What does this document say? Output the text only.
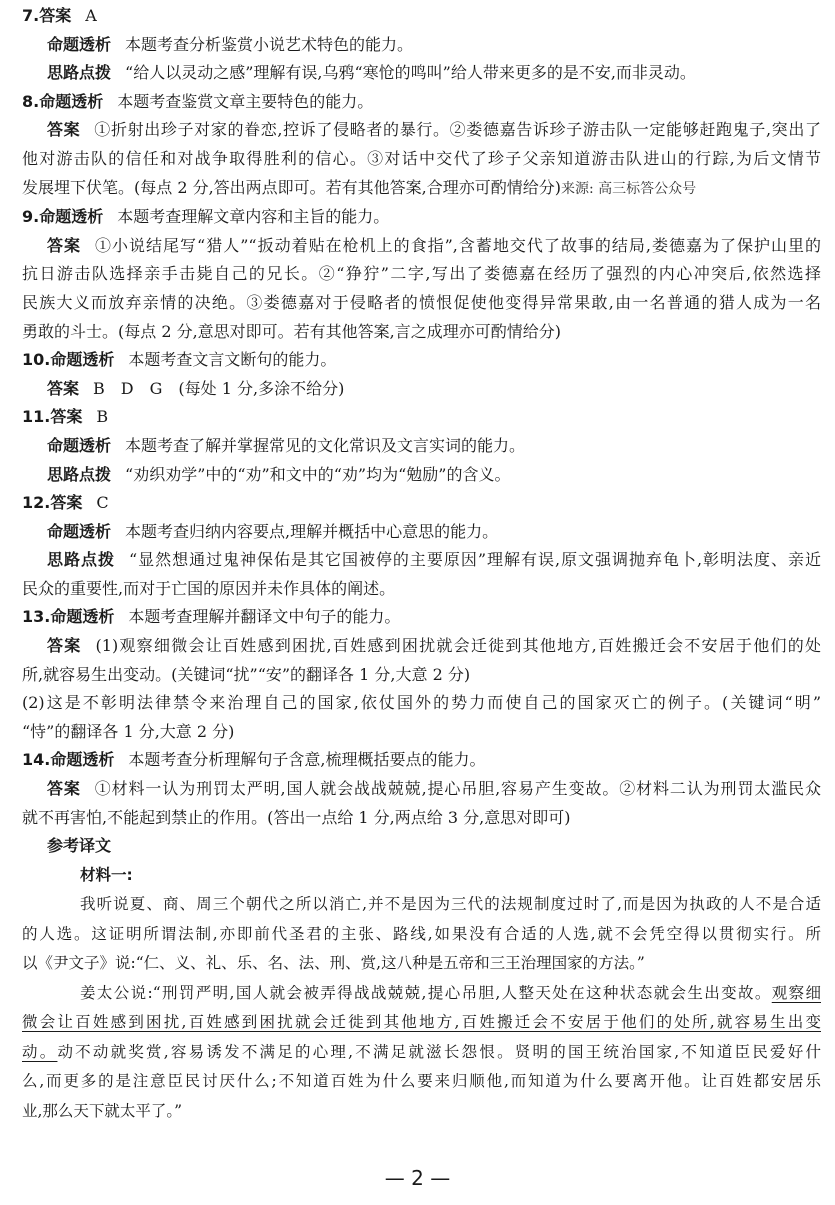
7.答案 A
命题透析 本题考查分析鉴赏小说艺术特色的能力。
思路点拨 “给人以灵动之感”理解有误,乌鸦“寒怆的鸣叫”给人带来更多的是不安,而非灵动。
8.命题透析 本题考查鉴赏文章主要特色的能力。
答案 ①折射出珍子对家的眷恋,控诉了侵略者的暴行。②娄德嘉告诉珍子游击队一定能够赶跑鬼子,突出了
他对游击队的信任和对战争取得胜利的信心。③对话中交代了珍子父亲知道游击队进山的行踪,为后文情节
发展埋下伏笔。(每点 2 分,答出两点即可。若有其他答案,合理亦可酌情给分)来源: 高三标答公众号
9.命题透析 本题考查理解文章内容和主旨的能力。
答案 ①小说结尾写“猎人”“扳动着贴在枪机上的食指”,含蓄地交代了故事的结局,娄德嘉为了保护山里的
抗日游击队选择亲手击毙自己的兄长。②“狰狞”二字,写出了娄德嘉在经历了强烈的内心冲突后,依然选择
民族大义而放弃亲情的决绝。③娄德嘉对于侵略者的愤恨促使他变得异常果敢,由一名普通的猎人成为一名
勇敢的斗士。(每点 2 分,意思对即可。若有其他答案,言之成理亦可酌情给分)
10.命题透析 本题考查文言文断句的能力。
答案 B　D　G　(每处 1 分,多涂不给分)
11.答案 B
命题透析 本题考查了解并掌握常见的文化常识及文言实词的能力。
思路点拨 “劝织劝学”中的“劝”和文中的“劝”均为“勉励”的含义。
12.答案 C
命题透析 本题考查归纳内容要点,理解并概括中心意思的能力。
思路点拨 “显然想通过鬼神保佑是其它国被停的主要原因”理解有误,原文强调抛弃龟卜,彰明法度、亲近
民众的重要性,而对于亡国的原因并未作具体的阐述。
13.命题透析 本题考查理解并翻译文中句子的能力。
答案 (1)观察细微会让百姓感到困扰,百姓感到困扰就会迁徙到其他地方,百姓搬迁会不安居于他们的处
所,就容易生出变动。(关键词“扰”“安”的翻译各 1 分,大意 2 分)
(2)这是不彰明法律禁令来治理自己的国家,依仗国外的势力而使自己的国家灭亡的例子。(关键词“明”
“恃”的翻译各 1 分,大意 2 分)
14.命题透析 本题考查分析理解句子含意,梳理概括要点的能力。
答案 ①材料一认为刑罚太严明,国人就会战战兢兢,提心吊胆,容易产生变故。②材料二认为刑罚太滥民众
就不再害怕,不能起到禁止的作用。(答出一点给 1 分,两点给 3 分,意思对即可)
参考译文
材料一:
我听说夏、商、周三个朝代之所以消亡,并不是因为三代的法规制度过时了,而是因为执政的人不是合适
的人选。这证明所谓法制,亦即前代圣君的主张、路线,如果没有合适的人选,就不会凭空得以贯彻实行。所
以《尹文子》说:“仁、义、礼、乐、名、法、刑、赏,这八种是五帝和三王治理国家的方法。”
姜太公说:“刑罚严明,国人就会被弄得战战兢兢,提心吊胆,人整天处在这种状态就会生出变故。观察细
微会让百姓感到困扰,百姓感到困扰就会迁徙到其他地方,百姓搬迁会不安居于他们的处所,就容易生出变
动。动不动就奖赏,容易诱发不满足的心理,不满足就滋长怨恨。贤明的国王统治国家,不知道臣民爱好什
么,而更多的是注意臣民讨厌什么;不知道百姓为什么要来归顺他,而知道为什么要离开他。让百姓都安居乐
业,那么天下就太平了。”
— 2 —
